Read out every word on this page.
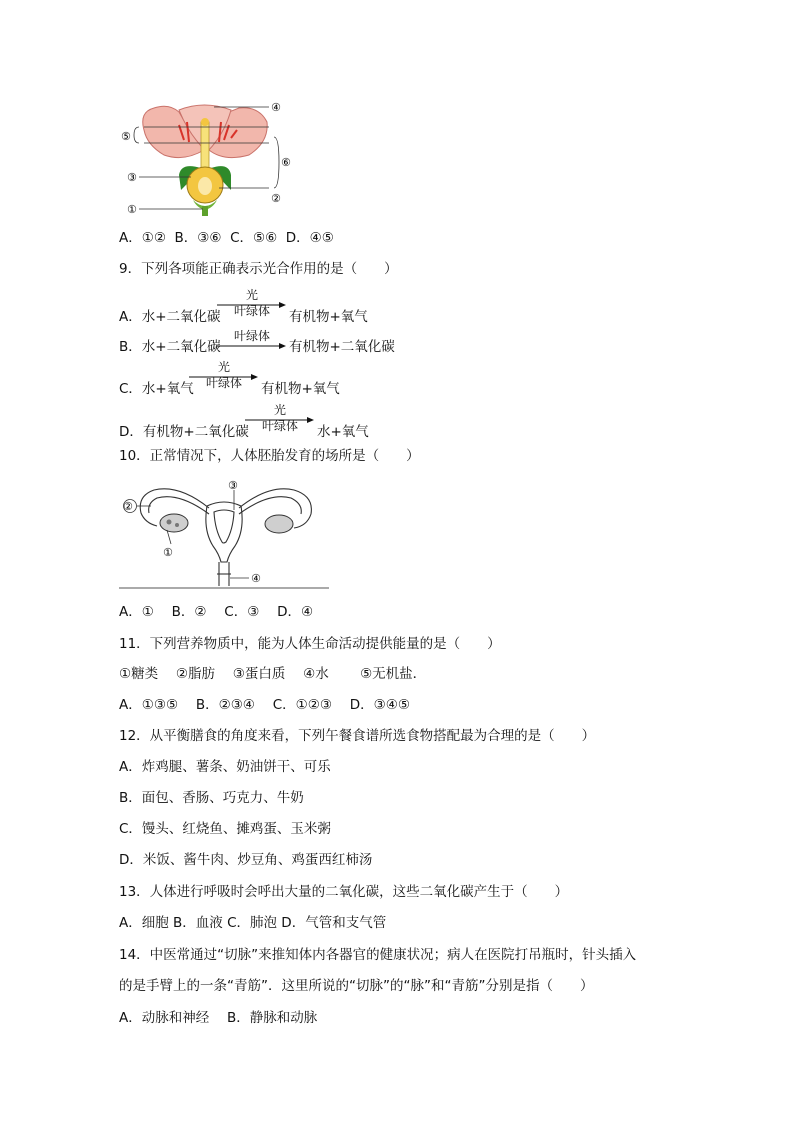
④
⑤
⑥
③
②
①
A．①②  B．③⑥  C．⑤⑥  D．④⑤
9．下列各项能正确表示光合作用的是（　　）
A．水+二氧化碳
光
叶绿体	有机物+氧气
B．水+二氧化碳
叶绿体
有机物+二氧化碳
C．水+氧气
光
叶绿体	有机物+氧气
D．有机物+二氧化碳
光
叶绿体	水+氧气
10．正常情况下，人体胚胎发育的场所是（　　）
②
③
①
④
A．①　 B．②　 C．③　 D．④
11．下列营养物质中，能为人体生命活动提供能量的是（　　）
①糖类　 ②脂肪　 ③蛋白质　 ④水　　 ⑤无机盐．
A．①③⑤　 B．②③④　 C．①②③　 D．③④⑤
12．从平衡膳食的角度来看，下列午餐食谱所选食物搭配最为合理的是（　　）
A．炸鸡腿、薯条、奶油饼干、可乐
B．面包、香肠、巧克力、牛奶
C．馒头、红烧鱼、摊鸡蛋、玉米粥
D．米饭、酱牛肉、炒豆角、鸡蛋西红柿汤
13．人体进行呼吸时会呼出大量的二氧化碳，这些二氧化碳产生于（　　）
A．细胞 B．血液 C．肺泡 D．气管和支气管
14．中医常通过“切脉”来推知体内各器官的健康状况；病人在医院打吊瓶时，针头插入
的是手臂上的一条“青筋”．这里所说的“切脉”的“脉”和“青筋”分别是指（　　）
A．动脉和神经　 B．静脉和动脉
